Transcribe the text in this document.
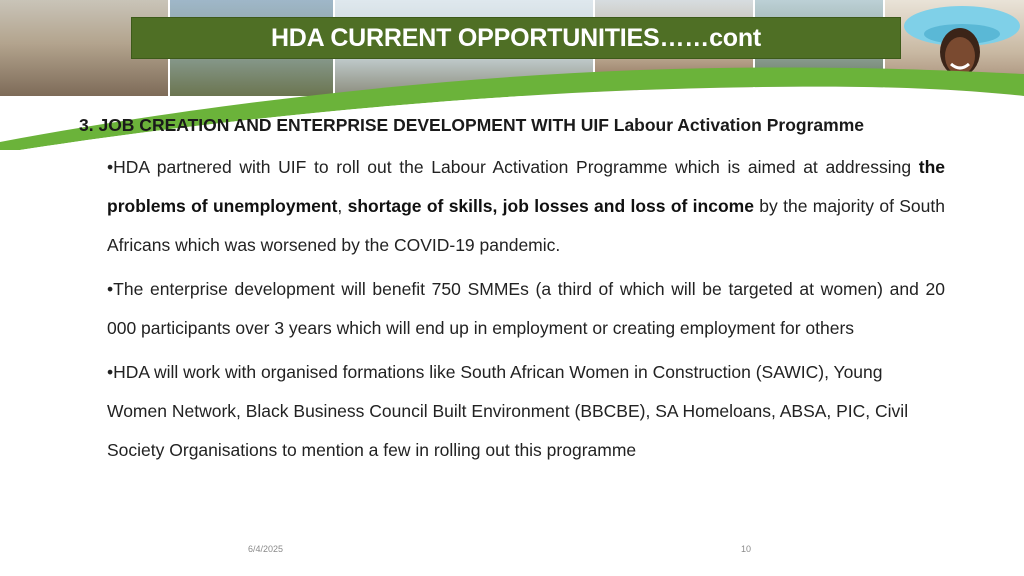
HDA CURRENT OPPORTUNITIES……cont
3. JOB CREATION AND ENTERPRISE DEVELOPMENT WITH UIF Labour Activation Programme

•HDA partnered with UIF to roll out the Labour Activation Programme which is aimed at addressing the problems of unemployment, shortage of skills, job losses and loss of income by the majority of South Africans which was worsened by the COVID-19 pandemic.

•The enterprise development will benefit 750 SMMEs (a third of which will be targeted at women) and 20 000 participants over 3 years which will end up in employment or creating employment for others

•HDA will work with organised formations like South African Women in Construction (SAWIC), Young Women Network, Black Business Council Built Environment (BBCBE), SA Homeloans, ABSA, PIC, Civil Society Organisations to mention a few in rolling out this programme

6/4/2025	10
